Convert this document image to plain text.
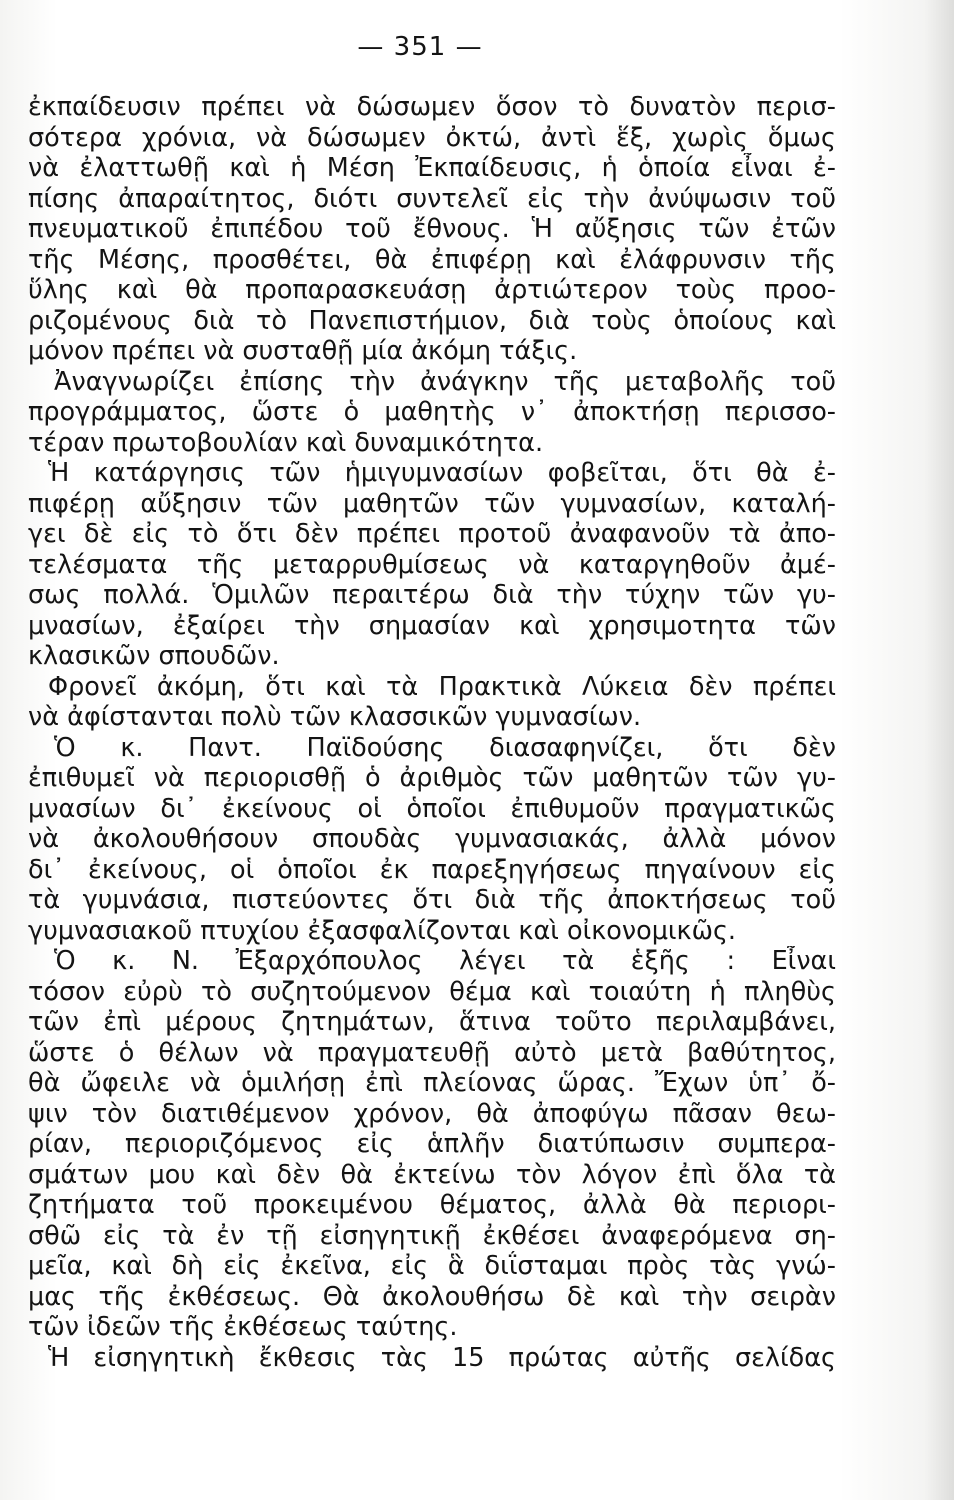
— 351 —
ἐκπαίδευσιν πρέπει νὰ δώσωμεν ὅσον τὸ δυνατὸν περισ-
σότερα χρόνια, νὰ δώσωμεν ὀκτώ, ἀντὶ ἕξ, χωρὶς ὅμως
νὰ ἐλαττωθῇ καὶ ἡ Μέση Ἐκπαίδευσις, ἡ ὁποία εἶναι ἐ-
πίσης ἀπαραίτητος, διότι συντελεῖ εἰς τὴν ἀνύψωσιν τοῦ
πνευματικοῦ ἐπιπέδου τοῦ ἔθνους. Ἡ αὔξησις τῶν ἐτῶν
τῆς Μέσης, προσθέτει, θὰ ἐπιφέρῃ καὶ ἐλάφρυνσιν τῆς
ὕλης καὶ θὰ προπαρασκευάσῃ ἀρτιώτερον τοὺς προο-
ριζομένους διὰ τὸ Πανεπιστήμιον, διὰ τοὺς ὁποίους καὶ
μόνον πρέπει νὰ συσταθῇ μία ἀκόμη τάξις.
Ἀναγνωρίζει ἐπίσης τὴν ἀνάγκην τῆς μεταβολῆς τοῦ
προγράμματος, ὥστε ὁ μαθητὴς ν᾽ ἀποκτήσῃ περισσο-
τέραν πρωτοβουλίαν καὶ δυναμικότητα.
Ἡ κατάργησις τῶν ἡμιγυμνασίων φοβεῖται, ὅτι θὰ ἐ-
πιφέρῃ αὔξησιν τῶν μαθητῶν τῶν γυμνασίων, καταλή-
γει δὲ εἰς τὸ ὅτι δὲν πρέπει προτοῦ ἀναφανοῦν τὰ ἀπο-
τελέσματα τῆς μεταρρυθμίσεως νὰ καταργηθοῦν ἀμέ-
σως πολλά. Ὁμιλῶν περαιτέρω διὰ τὴν τύχην τῶν γυ-
μνασίων, ἐξαίρει τὴν σημασίαν καὶ χρησιμοτητα τῶν
κλασικῶν σπουδῶν.
Φρονεῖ ἀκόμη, ὅτι καὶ τὰ Πρακτικὰ Λύκεια δὲν πρέπει
νὰ ἀφίστανται πολὺ τῶν κλασσικῶν γυμνασίων.
Ὁ κ. Παντ. Παϊδούσης διασαφηνίζει, ὅτι δὲν
ἐπιθυμεῖ νὰ περιορισθῇ ὁ ἀριθμὸς τῶν μαθητῶν τῶν γυ-
μνασίων δι᾽ ἐκείνους οἱ ὁποῖοι ἐπιθυμοῦν πραγματικῶς
νὰ ἀκολουθήσουν σπουδὰς γυμνασιακάς, ἀλλὰ μόνον
δι᾽ ἐκείνους, οἱ ὁποῖοι ἐκ παρεξηγήσεως πηγαίνουν εἰς
τὰ γυμνάσια, πιστεύοντες ὅτι διὰ τῆς ἀποκτήσεως τοῦ
γυμνασιακοῦ πτυχίου ἐξασφαλίζονται καὶ οἰκονομικῶς.
Ὁ κ. Ν. Ἐξαρχόπουλος λέγει τὰ ἑξῆς : Εἶναι
τόσον εὐρὺ τὸ συζητούμενον θέμα καὶ τοιαύτη ἡ πληθὺς
τῶν ἐπὶ μέρους ζητημάτων, ἅτινα τοῦτο περιλαμβάνει,
ὥστε ὁ θέλων νὰ πραγματευθῇ αὐτὸ μετὰ βαθύτητος,
θὰ ὤφειλε νὰ ὁμιλήσῃ ἐπὶ πλείονας ὥρας. Ἔχων ὑπ᾽ ὄ-
ψιν τὸν διατιθέμενον χρόνον, θὰ ἀποφύγω πᾶσαν θεω-
ρίαν, περιοριζόμενος εἰς ἁπλῆν διατύπωσιν συμπερα-
σμάτων μου καὶ δὲν θὰ ἐκτείνω τὸν λόγον ἐπὶ ὅλα τὰ
ζητήματα τοῦ προκειμένου θέματος, ἀλλὰ θὰ περιορι-
σθῶ εἰς τὰ ἐν τῇ εἰσηγητικῇ ἐκθέσει ἀναφερόμενα ση-
μεῖα, καὶ δὴ εἰς ἐκεῖνα, εἰς ἃ διΐσταμαι πρὸς τὰς γνώ-
μας τῆς ἐκθέσεως. Θὰ ἀκολουθήσω δὲ καὶ τὴν σειρὰν
τῶν ἰδεῶν τῆς ἐκθέσεως ταύτης.
Ἡ εἰσηγητικὴ ἔκθεσις τὰς 15 πρώτας αὐτῆς σελίδας
